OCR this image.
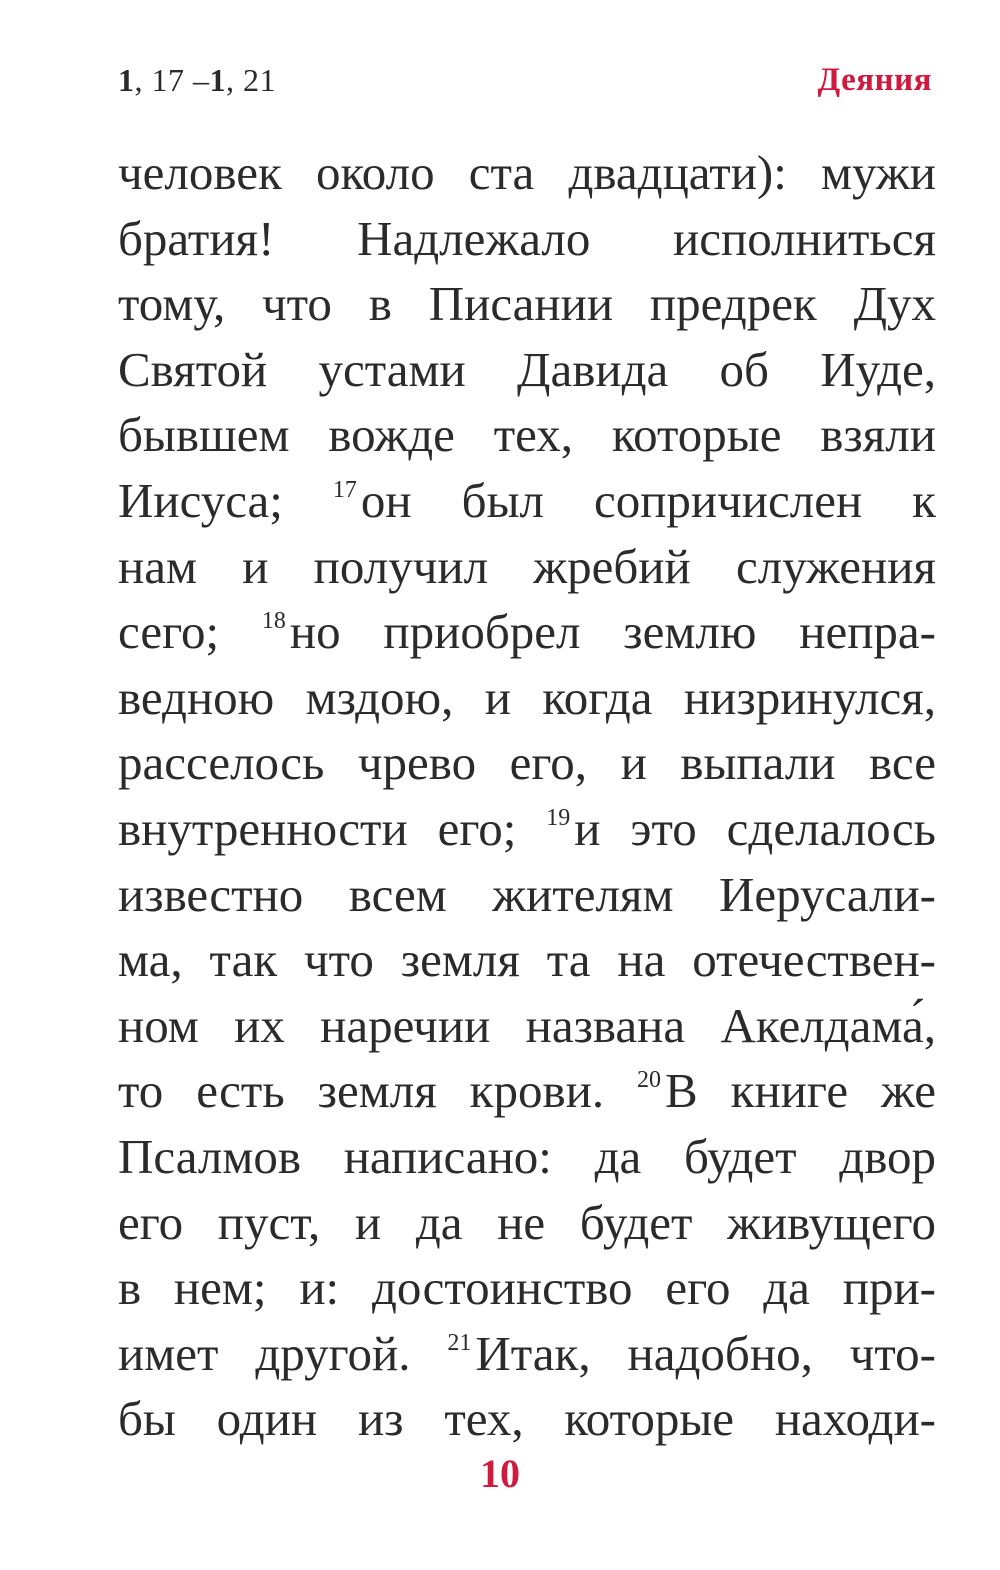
1, 17 –1, 21	Деяния
человек около ста двадцати): мужи
братия! Надлежало исполниться
тому, что в Писании предрек Дух
Святой устами Давида об Иуде,
бывшем вожде тех, которые взяли
Иисуса; $^{17}$он был сопричислен к
нам и получил жребий служения
сего; $^{18}$но приобрел землю непра-
ведною мздою, и когда низринулся,
расселось чрево его, и выпали все
внутренности его; $^{19}$и это сделалось
известно всем жителям Иерусали-
ма, так что земля та на отечествен-
ном их наречии названа Акелдама́,
то есть земля крови. $^{20}$В книге же
Псалмов написано: да будет двор
его пуст, и да не будет живущего
в нем; и: достоинство его да при-
имет другой. $^{21}$Итак, надобно, что-
бы один из тех, которые находи-
10
